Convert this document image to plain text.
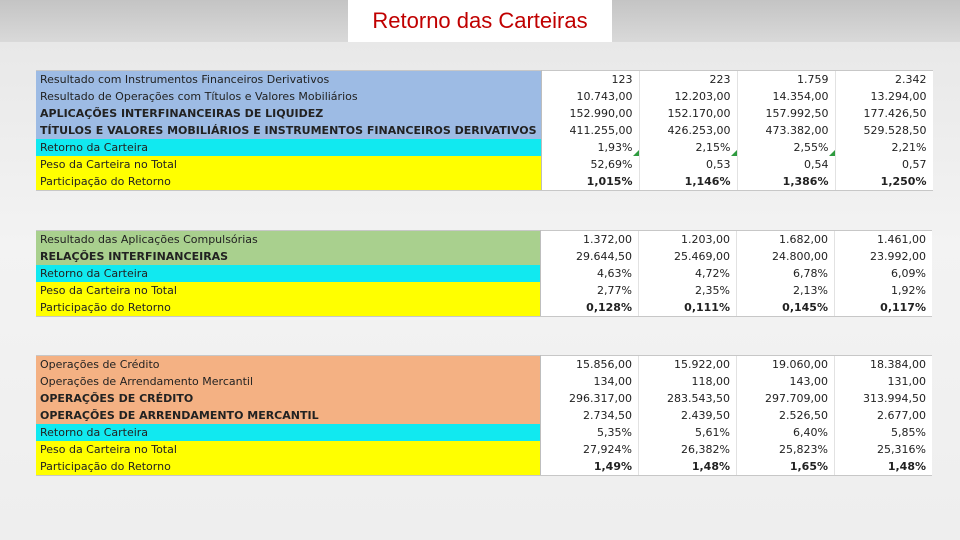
Retorno das Carteiras
Resultado com Instrumentos Financeiros Derivativos	123	223	1.759	2.342
Resultado de Operações com Títulos e Valores Mobiliários	10.743,00	12.203,00	14.354,00	13.294,00
APLICAÇÕES INTERFINANCEIRAS DE LIQUIDEZ	152.990,00	152.170,00	157.992,50	177.426,50
TÍTULOS E VALORES MOBILIÁRIOS E INSTRUMENTOS FINANCEIROS DERIVATIVOS	411.255,00	426.253,00	473.382,00	529.528,50
Retorno da Carteira	1,93%	2,15%	2,55%	2,21%
Peso da Carteira no Total	52,69%	0,53	0,54	0,57
Participação do Retorno	1,015%	1,146%	1,386%	1,250%
Resultado das Aplicações Compulsórias	1.372,00	1.203,00	1.682,00	1.461,00
RELAÇÕES INTERFINANCEIRAS	29.644,50	25.469,00	24.800,00	23.992,00
Retorno da Carteira	4,63%	4,72%	6,78%	6,09%
Peso da Carteira no Total	2,77%	2,35%	2,13%	1,92%
Participação do Retorno	0,128%	0,111%	0,145%	0,117%
Operações de Crédito	15.856,00	15.922,00	19.060,00	18.384,00
Operações de Arrendamento Mercantil	134,00	118,00	143,00	131,00
OPERAÇÕES DE CRÉDITO	296.317,00	283.543,50	297.709,00	313.994,50
OPERAÇÕES DE ARRENDAMENTO MERCANTIL	2.734,50	2.439,50	2.526,50	2.677,00
Retorno da Carteira	5,35%	5,61%	6,40%	5,85%
Peso da Carteira no Total	27,924%	26,382%	25,823%	25,316%
Participação do Retorno	1,49%	1,48%	1,65%	1,48%
